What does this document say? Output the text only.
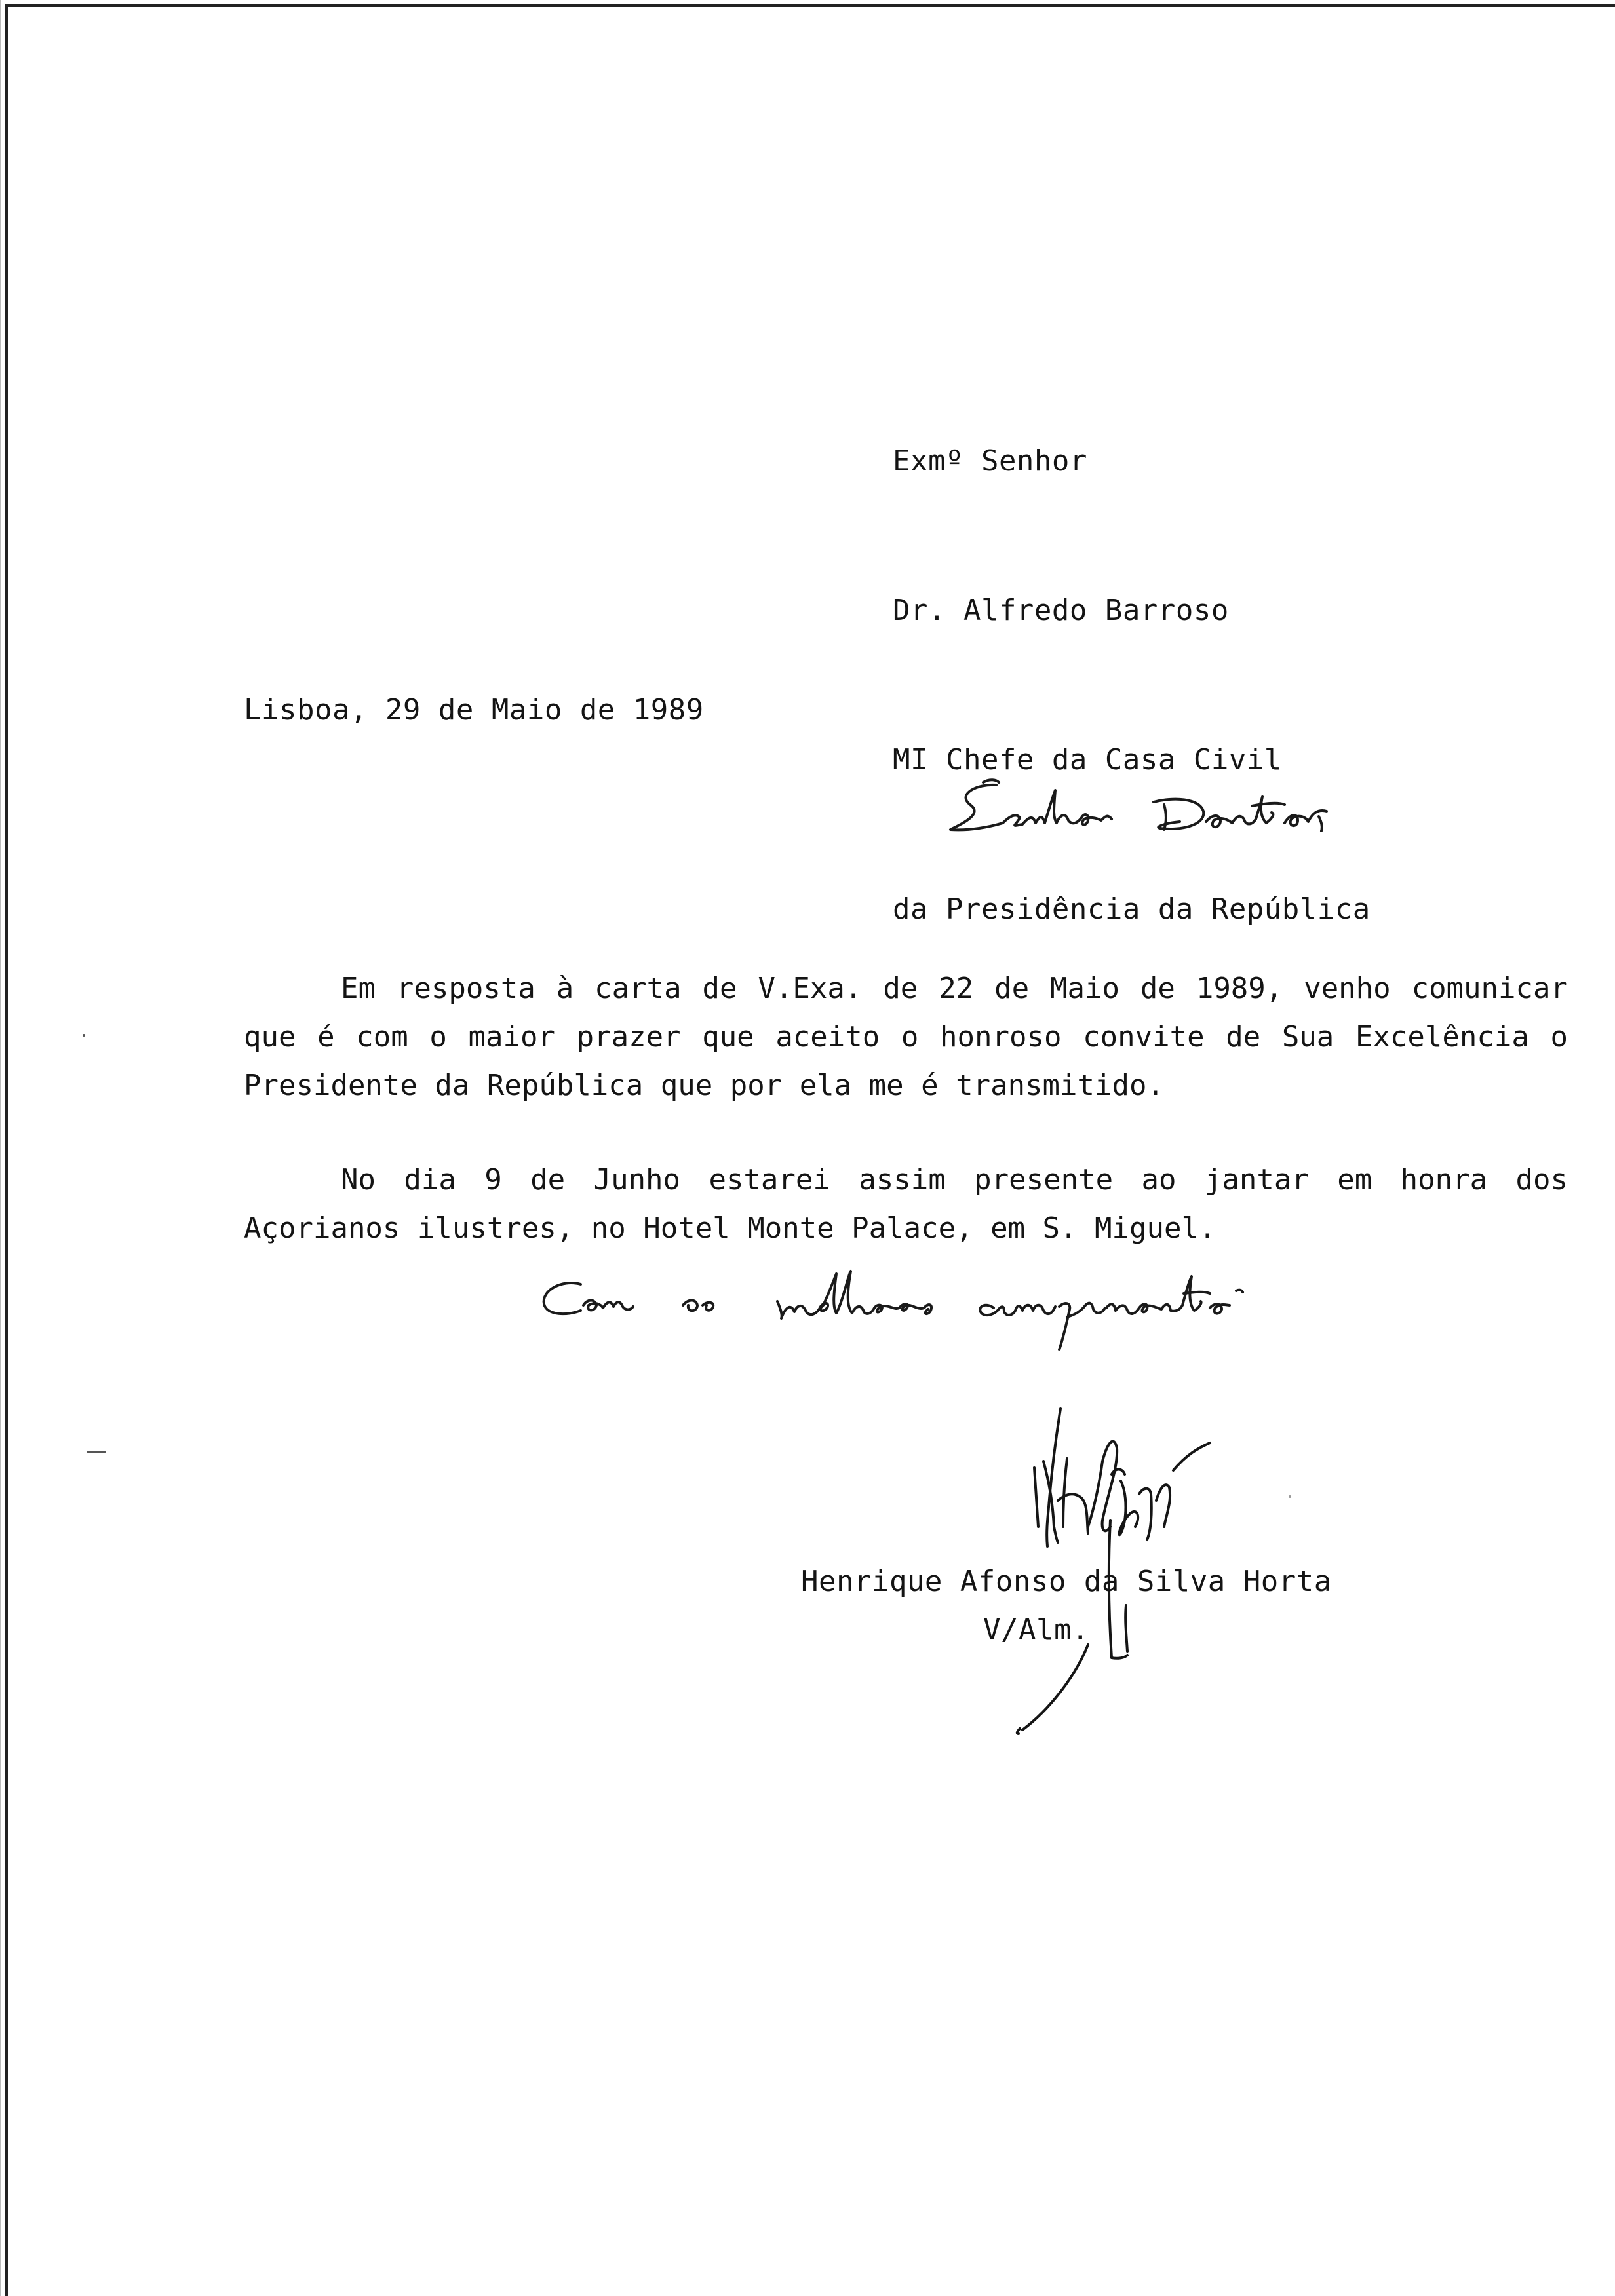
Exmº Senhor

Dr. Alfredo Barroso

MI Chefe da Casa Civil

da Presidência da República

Lisboa, 29 de Maio de 1989

Em resposta à carta de V.Exa. de 22 de Maio de 1989, venho comunicar que é com o maior prazer que aceito o honroso convite de Sua Excelência o Presidente da República que por ela me é transmitido.

No dia 9 de Junho estarei assim presente ao jantar em honra dos Açorianos ilustres, no Hotel Monte Palace, em S. Miguel.

Henrique Afonso da Silva Horta
V/Alm.
